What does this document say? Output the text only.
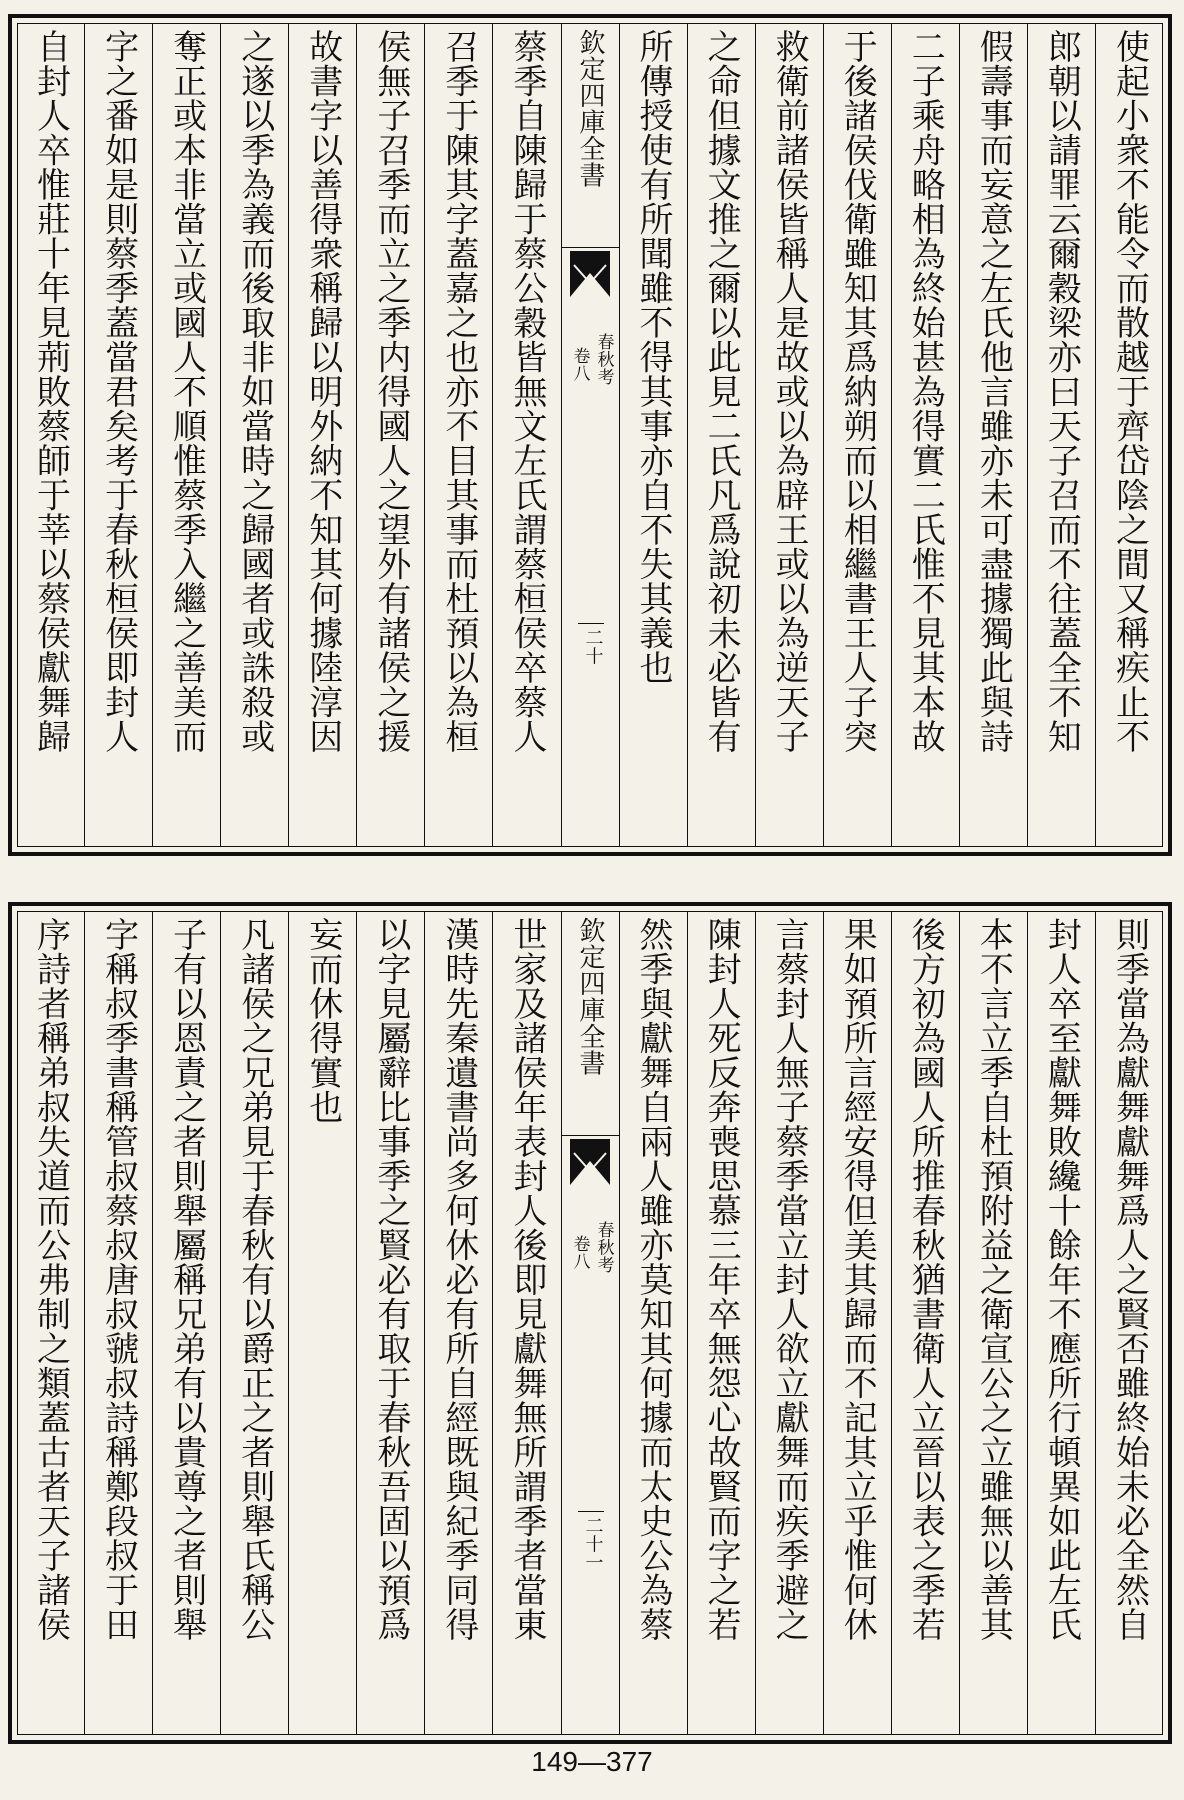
使起小衆不能令而散越于齊岱陰之間又稱疾止不
郎朝以請罪云爾穀梁亦曰天子召而不往蓋全不知
假壽事而妄意之左氏他言雖亦未可盡據獨此與詩
二子乘舟略相為終始甚為得實二氏惟不見其本故
于後諸侯伐衛雖知其爲納朔而以相繼書王人子突
救衛前諸侯皆稱人是故或以為辟王或以為逆天子
之命但據文推之爾以此見二氏凡爲說初未必皆有
所傳授使有所聞雖不得其事亦自不失其義也
欽定四庫全書
春秋考
卷八
二十
蔡季自陳歸于蔡公穀皆無文左氏謂蔡桓侯卒蔡人
召季于陳其字蓋嘉之也亦不目其事而杜預以為桓
侯無子召季而立之季内得國人之望外有諸侯之援
故書字以善得衆稱歸以明外納不知其何據陸淳因
之遂以季為義而後取非如當時之歸國者或誅殺或
奪正或本非當立或國人不順惟蔡季入繼之善美而
字之番如是則蔡季蓋當君矣考于春秋桓侯即封人
自封人卒惟莊十年見荊敗蔡師于莘以蔡侯獻舞歸
則季當為獻舞獻舞爲人之賢否雖終始未必全然自
封人卒至獻舞敗纔十餘年不應所行頓異如此左氏
本不言立季自杜預附益之衛宣公之立雖無以善其
後方初為國人所推春秋猶書衛人立晉以表之季若
果如預所言經安得但美其歸而不記其立乎惟何休
言蔡封人無子蔡季當立封人欲立獻舞而疾季避之
陳封人死反奔喪思慕三年卒無怨心故賢而字之若
然季與獻舞自兩人雖亦莫知其何據而太史公為蔡
欽定四庫全書
春秋考
卷八
二十一
世家及諸侯年表封人後即見獻舞無所謂季者當東
漢時先秦遺書尚多何休必有所自經既與紀季同得
以字見屬辭比事季之賢必有取于春秋吾固以預爲
妄而休得實也
凡諸侯之兄弟見于春秋有以爵正之者則舉氏稱公
子有以恩責之者則舉屬稱兄弟有以貴尊之者則舉
字稱叔季書稱管叔蔡叔唐叔虢叔詩稱鄭段叔于田
序詩者稱弟叔失道而公弗制之類蓋古者天子諸侯
149—377
